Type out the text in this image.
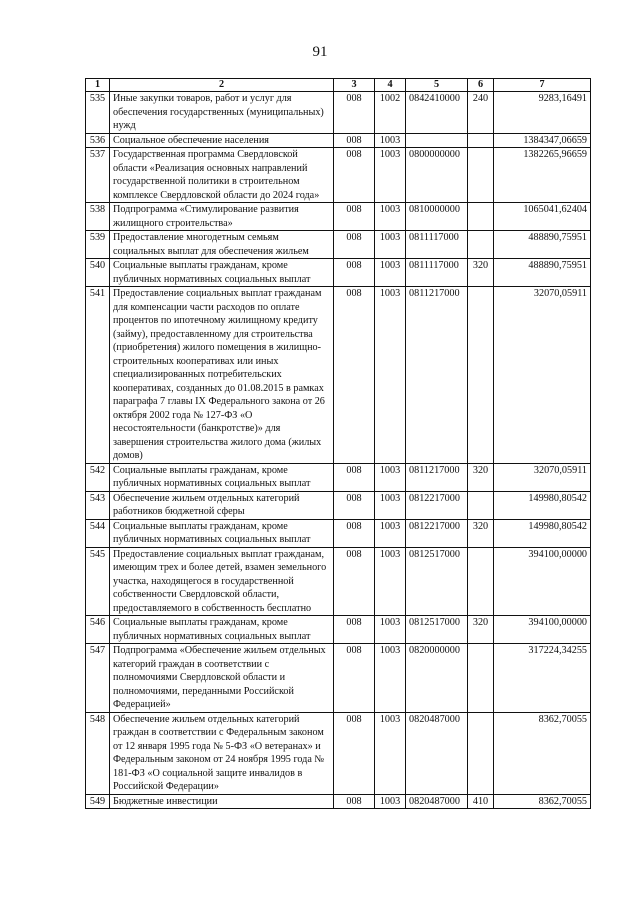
91
1	2	3	4	5	6	7
535	Иные закупки товаров, работ и услуг для обеспечения государственных (муниципальных) нужд	008	1002	0842410000	240	9283,16491
536	Социальное обеспечение населения	008	1003			1384347,06659
537	Государственная программа Свердловской области «Реализация основных направлений государственной политики в строительном комплексе Свердловской области до 2024 года»	008	1003	0800000000		1382265,96659
538	Подпрограмма «Стимулирование развития жилищного строительства»	008	1003	0810000000		1065041,62404
539	Предоставление многодетным семьям социальных выплат для обеспечения жильем	008	1003	0811117000		488890,75951
540	Социальные выплаты гражданам, кроме публичных нормативных социальных выплат	008	1003	0811117000	320	488890,75951
541	Предоставление социальных выплат гражданам для компенсации части расходов по оплате процентов по ипотечному жилищному кредиту (займу), предоставленному для строительства (приобретения) жилого помещения в жилищно-строительных кооперативах или иных специализированных потребительских кооперативах, созданных до 01.08.2015 в рамках параграфа 7 главы IX Федерального закона от 26 октября 2002 года № 127-ФЗ «О несостоятельности (банкротстве)» для завершения строительства жилого дома (жилых домов)	008	1003	0811217000		32070,05911
542	Социальные выплаты гражданам, кроме публичных нормативных социальных выплат	008	1003	0811217000	320	32070,05911
543	Обеспечение жильем отдельных категорий работников бюджетной сферы	008	1003	0812217000		149980,80542
544	Социальные выплаты гражданам, кроме публичных нормативных социальных выплат	008	1003	0812217000	320	149980,80542
545	Предоставление социальных выплат гражданам, имеющим трех и более детей, взамен земельного участка, находящегося в государственной собственности Свердловской области, предоставляемого в собственность бесплатно	008	1003	0812517000		394100,00000
546	Социальные выплаты гражданам, кроме публичных нормативных социальных выплат	008	1003	0812517000	320	394100,00000
547	Подпрограмма «Обеспечение жильем отдельных категорий граждан в соответствии с полномочиями Свердловской области и полномочиями, переданными Российской Федерацией»	008	1003	0820000000		317224,34255
548	Обеспечение жильем отдельных категорий граждан в соответствии с Федеральным законом от 12 января 1995 года № 5-ФЗ «О ветеранах» и Федеральным законом от 24 ноября 1995 года № 181-ФЗ «О социальной защите инвалидов в Российской Федерации»	008	1003	0820487000		8362,70055
549	Бюджетные инвестиции	008	1003	0820487000	410	8362,70055
